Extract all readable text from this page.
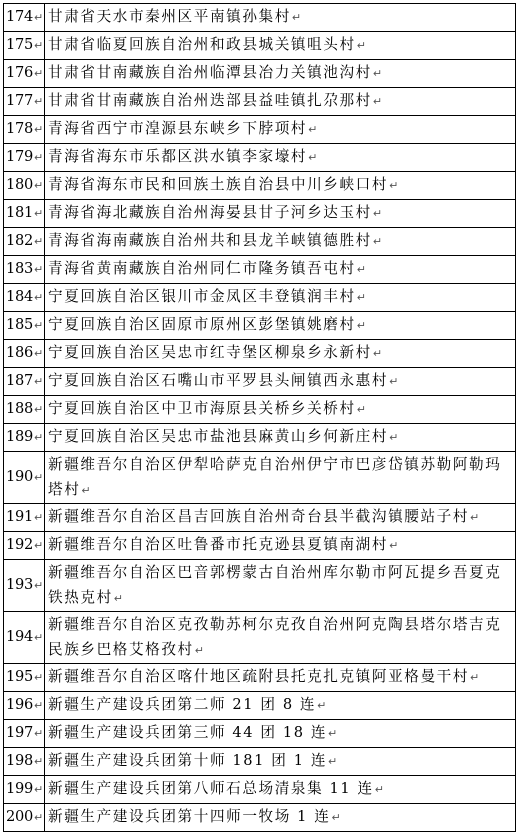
174↵	甘肃省天水市秦州区平南镇孙集村↵
175↵	甘肃省临夏回族自治州和政县城关镇咀头村↵
176↵	甘肃省甘南藏族自治州临潭县冶力关镇池沟村↵
177↵	甘肃省甘南藏族自治州迭部县益哇镇扎尕那村↵
178↵	青海省西宁市湟源县东峡乡下脖项村↵
179↵	青海省海东市乐都区洪水镇李家壕村↵
180↵	青海省海东市民和回族土族自治县中川乡峡口村↵
181↵	青海省海北藏族自治州海晏县甘子河乡达玉村↵
182↵	青海省海南藏族自治州共和县龙羊峡镇德胜村↵
183↵	青海省黄南藏族自治州同仁市隆务镇吾屯村↵
184↵	宁夏回族自治区银川市金凤区丰登镇润丰村↵
185↵	宁夏回族自治区固原市原州区彭堡镇姚磨村↵
186↵	宁夏回族自治区吴忠市红寺堡区柳泉乡永新村↵
187↵	宁夏回族自治区石嘴山市平罗县头闸镇西永惠村↵
188↵	宁夏回族自治区中卫市海原县关桥乡关桥村↵
189↵	宁夏回族自治区吴忠市盐池县麻黄山乡何新庄村↵
190↵	新疆维吾尔自治区伊犁哈萨克自治州伊宁市巴彦岱镇苏勒阿勒玛塔村↵
191↵	新疆维吾尔自治区昌吉回族自治州奇台县半截沟镇腰站子村↵
192↵	新疆维吾尔自治区吐鲁番市托克逊县夏镇南湖村↵
193↵	新疆维吾尔自治区巴音郭楞蒙古自治州库尔勒市阿瓦提乡吾夏克铁热克村↵
194↵	新疆维吾尔自治区克孜勒苏柯尔克孜自治州阿克陶县塔尔塔吉克民族乡巴格艾格孜村↵
195↵	新疆维吾尔自治区喀什地区疏附县托克扎克镇阿亚格曼干村↵
196↵	新疆生产建设兵团第二师 21 团 8 连↵
197↵	新疆生产建设兵团第三师 44 团 18 连↵
198↵	新疆生产建设兵团第十师 181 团 1 连↵
199↵	新疆生产建设兵团第八师石总场清泉集 11 连↵
200↵	新疆生产建设兵团第十四师一牧场 1 连↵
